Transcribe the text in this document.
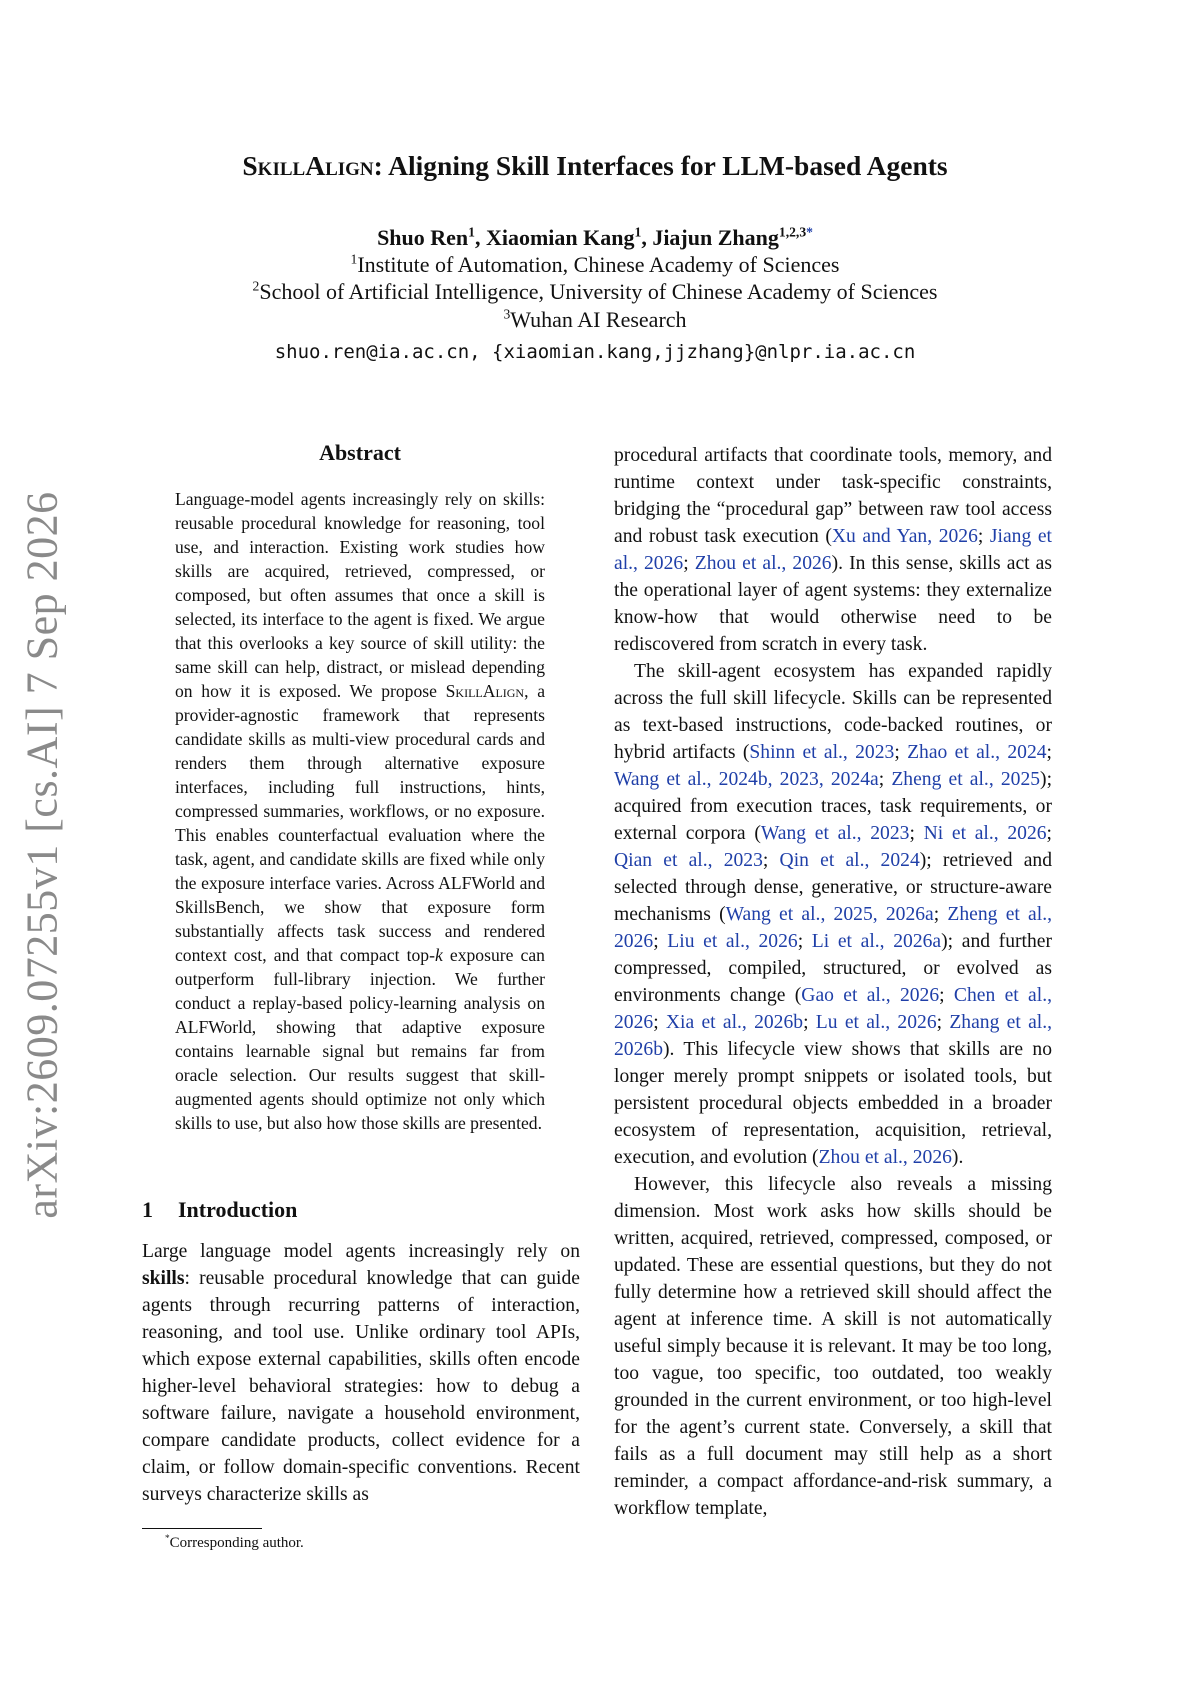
arXiv:2609.07255v1 [cs.AI] 7 Sep 2026
SkillAlign: Aligning Skill Interfaces for LLM-based Agents
Shuo Ren$^1$, Xiaomian Kang$^1$, Jiajun Zhang$^{1,2,3*}$
$^1$Institute of Automation, Chinese Academy of Sciences
$^2$School of Artificial Intelligence, University of Chinese Academy of Sciences
$^3$Wuhan AI Research
shuo.ren@ia.ac.cn, {xiaomian.kang,jjzhang}@nlpr.ia.ac.cn
Abstract
Language-model agents increasingly rely on skills: reusable procedural knowledge for reasoning, tool use, and interaction. Existing work studies how skills are acquired, retrieved, compressed, or composed, but often assumes that once a skill is selected, its interface to the agent is fixed. We argue that this overlooks a key source of skill utility: the same skill can help, distract, or mislead depending on how it is exposed. We propose SkillAlign, a provider-agnostic framework that represents candidate skills as multi-view procedural cards and renders them through alternative exposure interfaces, including full instructions, hints, compressed summaries, workflows, or no exposure. This enables counterfactual evaluation where the task, agent, and candidate skills are fixed while only the exposure interface varies. Across ALFWorld and SkillsBench, we show that exposure form substantially affects task success and rendered context cost, and that compact top-k exposure can outperform full-library injection. We further conduct a replay-based policy-learning analysis on ALFWorld, showing that adaptive exposure contains learnable signal but remains far from oracle selection. Our results suggest that skill-augmented agents should optimize not only which skills to use, but also how those skills are presented.
1 Introduction
Large language model agents increasingly rely on skills: reusable procedural knowledge that can guide agents through recurring patterns of interaction, reasoning, and tool use. Unlike ordinary tool APIs, which expose external capabilities, skills often encode higher-level behavioral strategies: how to debug a software failure, navigate a household environment, compare candidate products, collect evidence for a claim, or follow domain-specific conventions. Recent surveys characterize skills as
*Corresponding author.

procedural artifacts that coordinate tools, memory, and runtime context under task-specific constraints, bridging the “procedural gap” between raw tool access and robust task execution (Xu and Yan, 2026; Jiang et al., 2026; Zhou et al., 2026). In this sense, skills act as the operational layer of agent systems: they externalize know-how that would otherwise need to be rediscovered from scratch in every task.

The skill-agent ecosystem has expanded rapidly across the full skill lifecycle. Skills can be represented as text-based instructions, code-backed routines, or hybrid artifacts (Shinn et al., 2023; Zhao et al., 2024; Wang et al., 2024b, 2023, 2024a; Zheng et al., 2025); acquired from execution traces, task requirements, or external corpora (Wang et al., 2023; Ni et al., 2026; Qian et al., 2023; Qin et al., 2024); retrieved and selected through dense, generative, or structure-aware mechanisms (Wang et al., 2025, 2026a; Zheng et al., 2026; Liu et al., 2026; Li et al., 2026a); and further compressed, compiled, structured, or evolved as environments change (Gao et al., 2026; Chen et al., 2026; Xia et al., 2026b; Lu et al., 2026; Zhang et al., 2026b). This lifecycle view shows that skills are no longer merely prompt snippets or isolated tools, but persistent procedural objects embedded in a broader ecosystem of representation, acquisition, retrieval, execution, and evolution (Zhou et al., 2026).

However, this lifecycle also reveals a missing dimension. Most work asks how skills should be written, acquired, retrieved, compressed, composed, or updated. These are essential questions, but they do not fully determine how a retrieved skill should affect the agent at inference time. A skill is not automatically useful simply because it is relevant. It may be too long, too vague, too specific, too outdated, too weakly grounded in the current environment, or too high-level for the agent’s current state. Conversely, a skill that fails as a full document may still help as a short reminder, a compact affordance-and-risk summary, a workflow template,
